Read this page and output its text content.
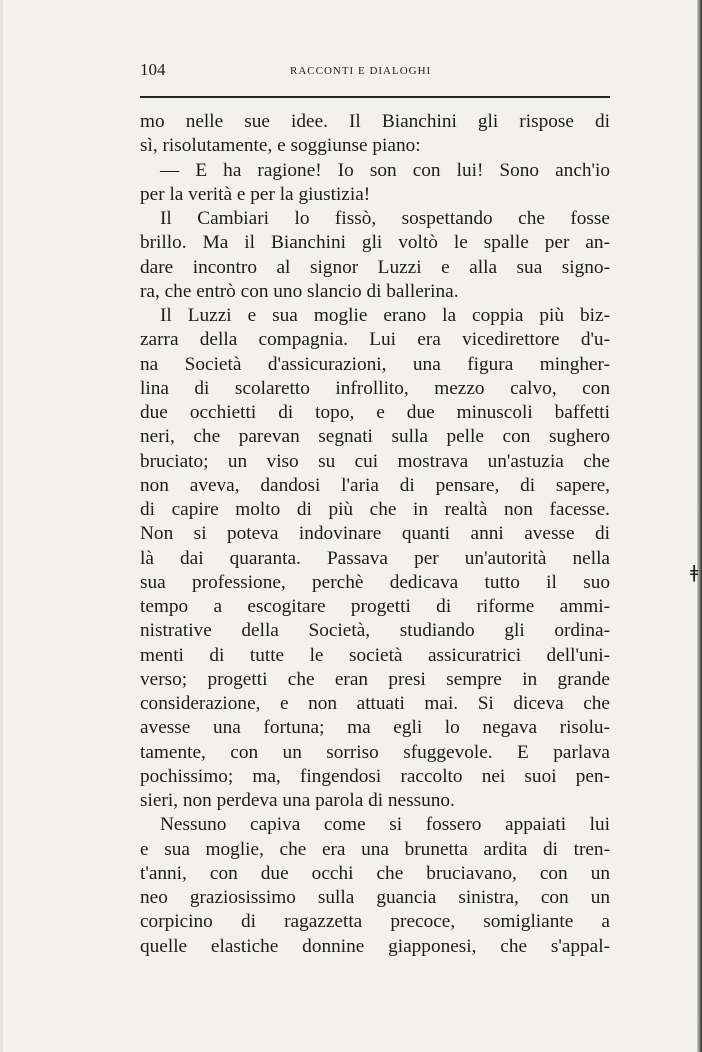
104	RACCONTI E DIALOGHI
mo nelle sue idee. Il Bianchini gli rispose di
sì, risolutamente, e soggiunse piano:
— E ha ragione! Io son con lui! Sono anch'io
per la verità e per la giustizia!
Il Cambiari lo fissò, sospettando che fosse
brillo. Ma il Bianchini gli voltò le spalle per an-
dare incontro al signor Luzzi e alla sua signo-
ra, che entrò con uno slancio di ballerina.
Il Luzzi e sua moglie erano la coppia più biz-
zarra della compagnia. Lui era vicedirettore d'u-
na Società d'assicurazioni, una figura mingher-
lina di scolaretto infrollito, mezzo calvo, con
due occhietti di topo, e due minuscoli baffetti
neri, che parevan segnati sulla pelle con sughero
bruciato; un viso su cui mostrava un'astuzia che
non aveva, dandosi l'aria di pensare, di sapere,
di capire molto di più che in realtà non facesse.
Non si poteva indovinare quanti anni avesse di
là dai quaranta. Passava per un'autorità nella
sua professione, perchè dedicava tutto il suo
tempo a escogitare progetti di riforme ammi-
nistrative della Società, studiando gli ordina-
menti di tutte le società assicuratrici dell'uni-
verso; progetti che eran presi sempre in grande
considerazione, e non attuati mai. Si diceva che
avesse una fortuna; ma egli lo negava risolu-
tamente, con un sorriso sfuggevole. E parlava
pochissimo; ma, fingendosi raccolto nei suoi pen-
sieri, non perdeva una parola di nessuno.
Nessuno capiva come si fossero appaiati lui
e sua moglie, che era una brunetta ardita di tren-
t'anni, con due occhi che bruciavano, con un
neo graziosissimo sulla guancia sinistra, con un
corpicino di ragazzetta precoce, somigliante a
quelle elastiche donnine giapponesi, che s'appal-
ǂ
